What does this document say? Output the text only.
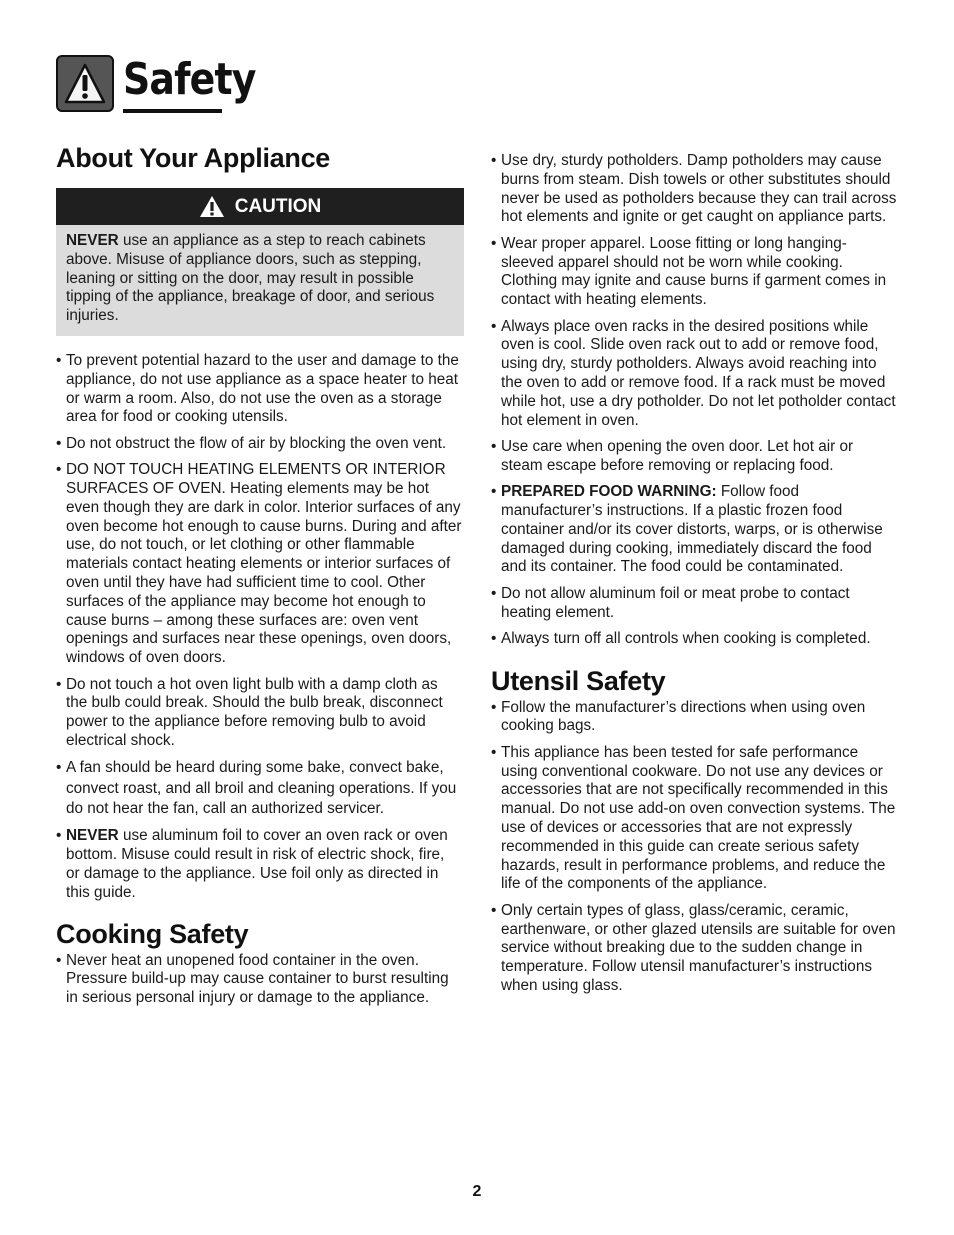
Safety
About Your Appliance
CAUTION
NEVER use an appliance as a step to reach cabinets above. Misuse of appliance doors, such as stepping, leaning or sitting on the door, may result in possible tipping of the appliance, breakage of door, and serious injuries.
• To prevent potential hazard to the user and damage to the appliance, do not use appliance as a space heater to heat or warm a room. Also, do not use the oven as a storage area for food or cooking utensils.
• Do not obstruct the flow of air by blocking the oven vent.
• DO NOT TOUCH HEATING ELEMENTS OR INTERIOR SURFACES OF OVEN. Heating elements may be hot even though they are dark in color. Interior surfaces of any oven become hot enough to cause burns. During and after use, do not touch, or let clothing or other flammable materials contact heating elements or interior surfaces of oven until they have had sufficient time to cool. Other surfaces of the appliance may become hot enough to cause burns – among these surfaces are: oven vent openings and surfaces near these openings, oven doors, windows of oven doors.
• Do not touch a hot oven light bulb with a damp cloth as the bulb could break. Should the bulb break, disconnect power to the appliance before removing bulb to avoid electrical shock.
• A fan should be heard during some bake, convect bake, convect roast, and all broil and cleaning operations. If you do not hear the fan, call an authorized servicer.
• NEVER use aluminum foil to cover an oven rack or oven bottom. Misuse could result in risk of electric shock, fire, or damage to the appliance. Use foil only as directed in this guide.
Cooking Safety
• Never heat an unopened food container in the oven. Pressure build-up may cause container to burst resulting in serious personal injury or damage to the appliance.
• Use dry, sturdy potholders. Damp potholders may cause burns from steam. Dish towels or other substitutes should never be used as potholders because they can trail across hot elements and ignite or get caught on appliance parts.
• Wear proper apparel. Loose fitting or long hanging-sleeved apparel should not be worn while cooking. Clothing may ignite and cause burns if garment comes in contact with heating elements.
• Always place oven racks in the desired positions while oven is cool. Slide oven rack out to add or remove food, using dry, sturdy potholders. Always avoid reaching into the oven to add or remove food. If a rack must be moved while hot, use a dry potholder. Do not let potholder contact hot element in oven.
• Use care when opening the oven door. Let hot air or steam escape before removing or replacing food.
• PREPARED FOOD WARNING: Follow food manufacturer’s instructions. If a plastic frozen food container and/or its cover distorts, warps, or is otherwise damaged during cooking, immediately discard the food and its container. The food could be contaminated.
• Do not allow aluminum foil or meat probe to contact heating element.
• Always turn off all controls when cooking is completed.
Utensil Safety
• Follow the manufacturer’s directions when using oven cooking bags.
• This appliance has been tested for safe performance using conventional cookware. Do not use any devices or accessories that are not specifically recommended in this manual. Do not use add-on oven convection systems. The use of devices or accessories that are not expressly recommended in this guide can create serious safety hazards, result in performance problems, and reduce the life of the components of the appliance.
• Only certain types of glass, glass/ceramic, ceramic, earthenware, or other glazed utensils are suitable for oven service without breaking due to the sudden change in temperature. Follow utensil manufacturer’s instructions when using glass.
2
